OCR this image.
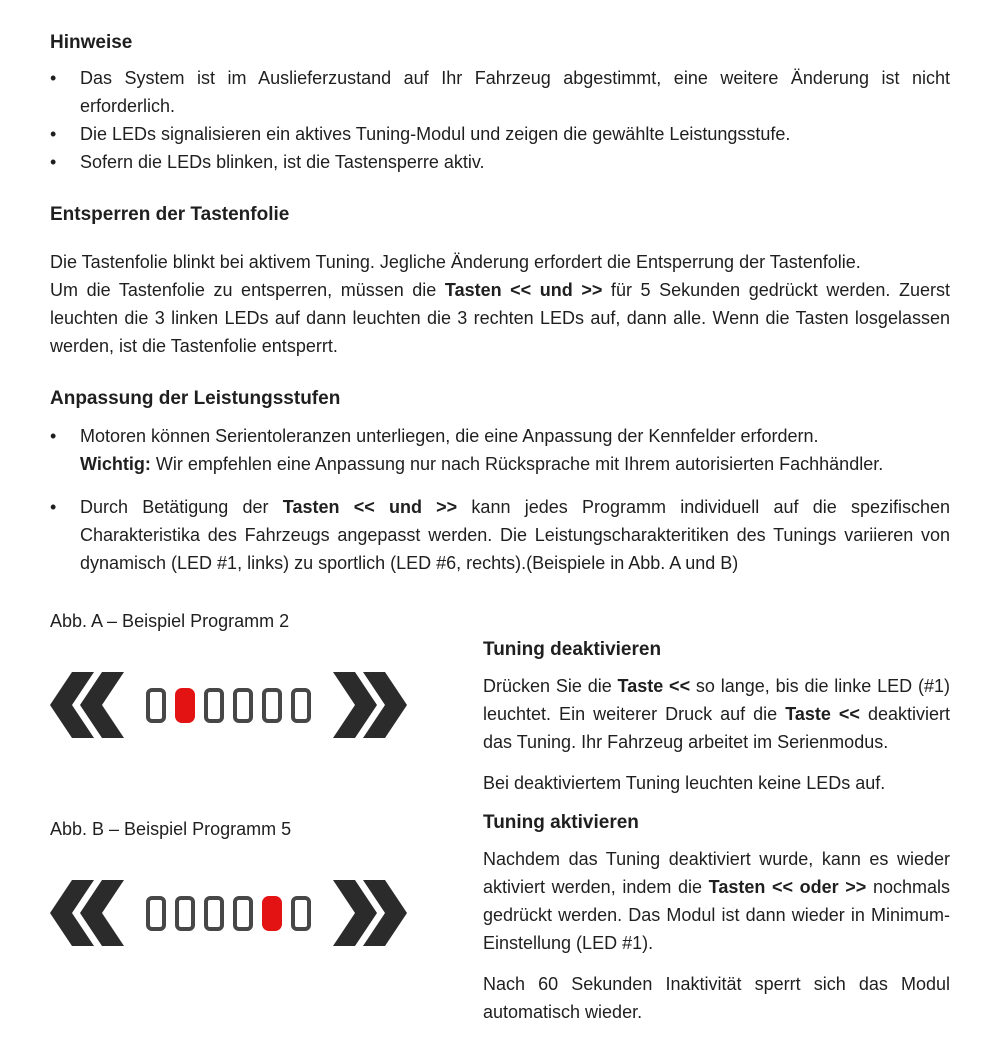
Hinweise
•	Das System ist im Auslieferzustand auf Ihr Fahrzeug abgestimmt, eine weitere Änderung ist nicht erforderlich.
•	Die LEDs signalisieren ein aktives Tuning-Modul und zeigen die gewählte Leistungsstufe.
•	Sofern die LEDs blinken, ist die Tastensperre aktiv.
Entsperren der Tastenfolie

Die Tastenfolie blinkt bei aktivem Tuning. Jegliche Änderung erfordert die Entsperrung der Tastenfolie.
Um die Tastenfolie zu entsperren, müssen die Tasten << und >> für 5 Sekunden gedrückt werden. Zuerst leuchten die 3 linken LEDs auf dann leuchten die 3 rechten LEDs auf, dann alle. Wenn die Tasten losgelassen werden, ist die Tastenfolie entsperrt.

Anpassung der Leistungsstufen
•	Motoren können Serientoleranzen unterliegen, die eine Anpassung der Kennfelder erfordern.
Wichtig: Wir empfehlen eine Anpassung nur nach Rücksprache mit Ihrem autorisierten Fachhändler.
•	Durch Betätigung der Tasten << und >> kann jedes Programm individuell auf die spezifischen Charakteristika des Fahrzeugs angepasst werden. Die Leistungscharakteritiken des Tunings variieren von dynamisch (LED #1, links) zu sportlich (LED #6, rechts).(Beispiele in Abb. A und B)
Abb. A – Beispiel Programm 2
Abb. B – Beispiel Programm 5
Tuning deaktivieren

Drücken Sie die Taste << so lange, bis die linke LED (#1) leuchtet. Ein weiterer Druck auf die Taste << deaktiviert das Tuning. Ihr Fahrzeug arbeitet im Serienmodus.

Bei deaktiviertem Tuning leuchten keine LEDs auf.

Tuning aktivieren

Nachdem das Tuning deaktiviert wurde, kann es wieder aktiviert werden, indem die Tasten << oder >> nochmals gedrückt werden. Das Modul ist dann wieder in Minimum-Einstellung (LED #1).

Nach 60 Sekunden Inaktivität sperrt sich das Modul automatisch wieder.
